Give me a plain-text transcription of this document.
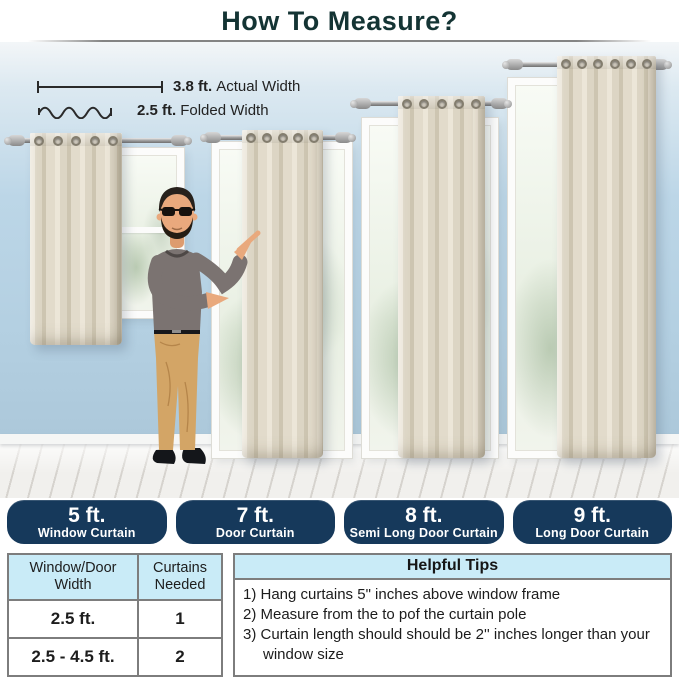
How To Measure?
3.8 ft. Actual Width
2.5 ft. Folded Width
5 ft.
Window Curtain
7 ft.
Door Curtain
8 ft.
Semi Long Door Curtain
9 ft.
Long Door Curtain
Window/Door Width	Curtains Needed
2.5 ft.	1
2.5 - 4.5 ft.	2
Helpful Tips
1) Hang curtains 5" inches above window frame
2) Measure from the to pof the curtain pole
3) Curtain length should should be 2'' inches longer than your window size
